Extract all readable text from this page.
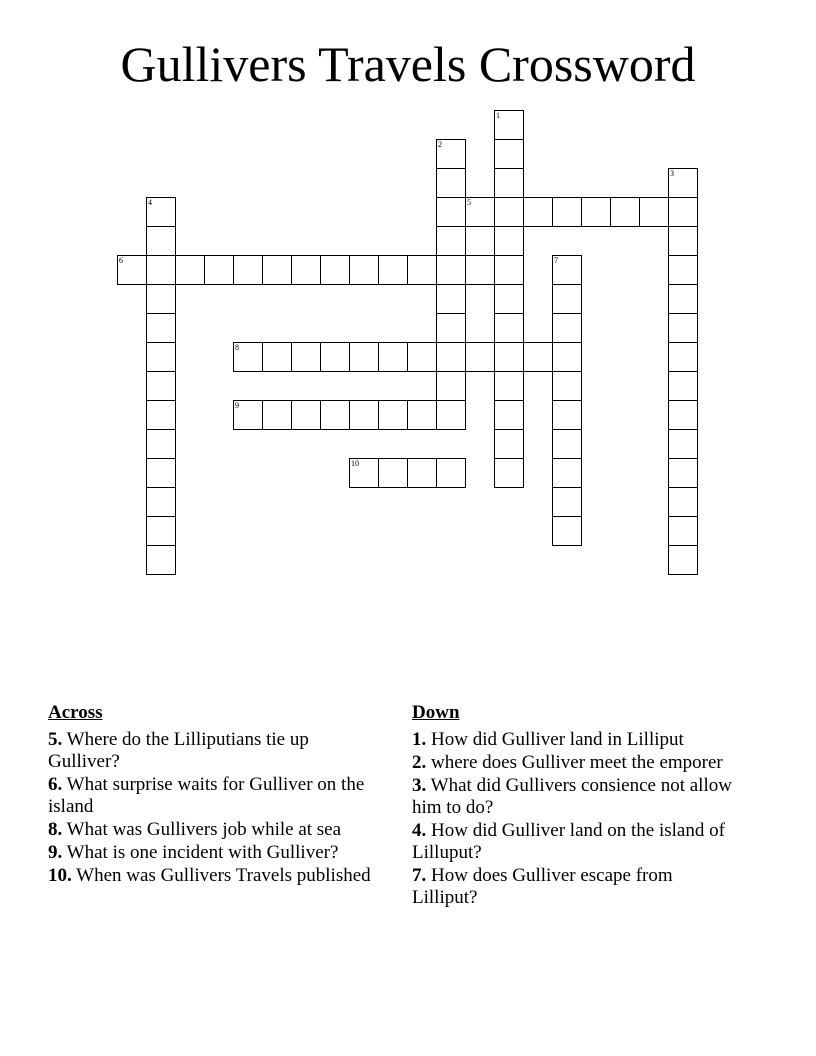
Gullivers Travels Crossword
1
2
3
4	5
6	7
8
9
10
Across
5. Where do the Lilliputians tie up Gulliver?
6. What surprise waits for Gulliver on the island
8. What was Gullivers job while at sea
9. What is one incident with Gulliver?
10. When was Gullivers Travels published
Down
1. How did Gulliver land in Lilliput
2. where does Gulliver meet the emporer
3. What did Gullivers consience not allow him to do?
4. How did Gulliver land on the island of Lilluput?
7. How does Gulliver escape from Lilliput?
